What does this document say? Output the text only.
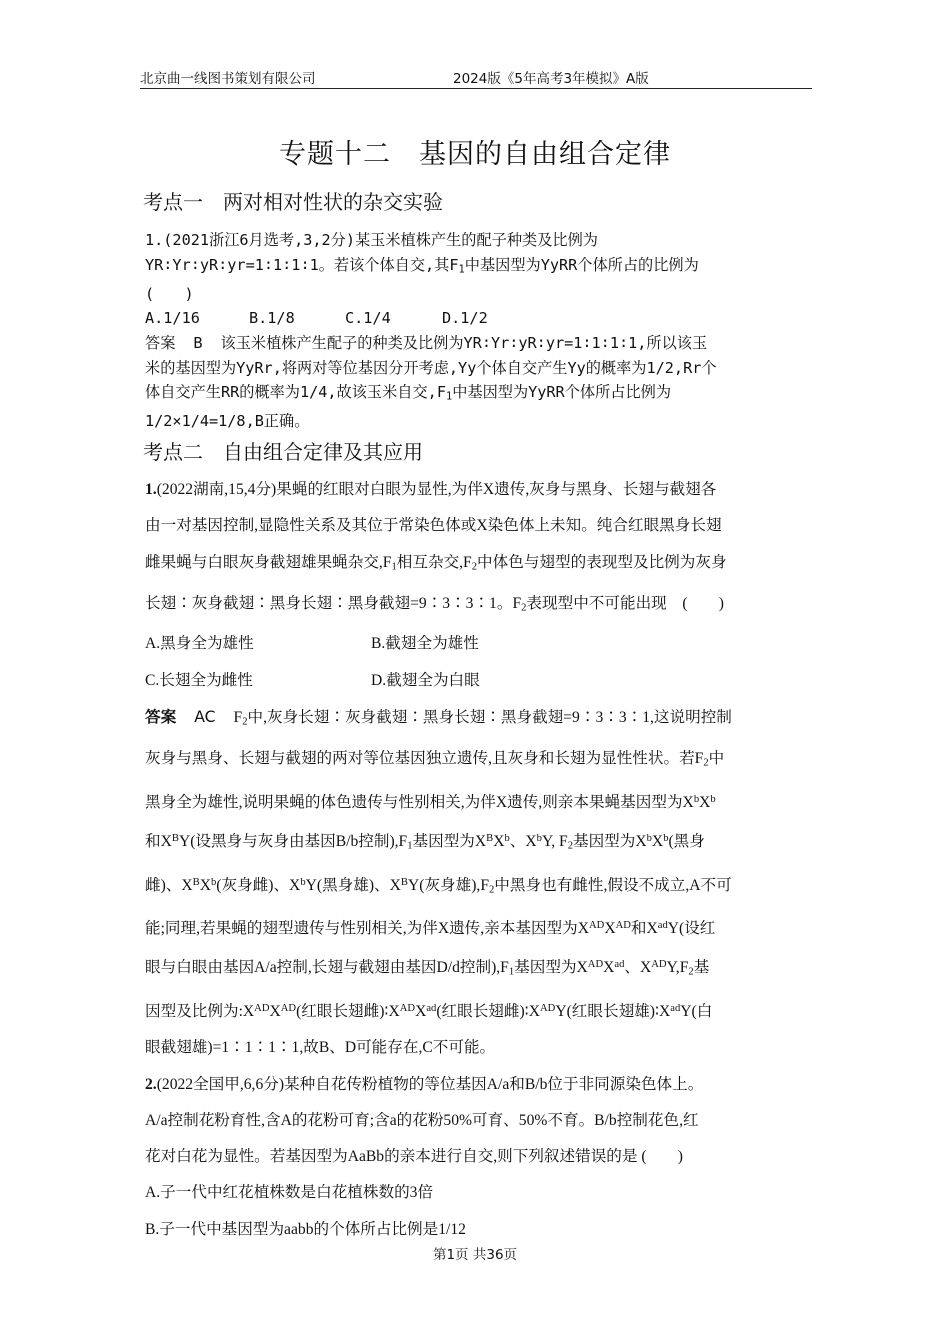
北京曲一线图书策划有限公司	2024版《5年高考3年模拟》A版
专题十二　基因的自由组合定律
考点一　两对相对性状的杂交实验

1.(2021浙江6月选考,3,2分)某玉米植株产生的配子种类及比例为

YR∶Yr∶yR∶yr=1∶1∶1∶1。若该个体自交,其$F_1$中基因型为YyRR个体所占的比例为

(　　)

A.1/16	B.1/8	C.1/4	D.1/2

答案 B 该玉米植株产生配子的种类及比例为YR∶Yr∶yR∶yr=1∶1∶1∶1,所以该玉

米的基因型为YyRr,将两对等位基因分开考虑,Yy个体自交产生Yy的概率为1/2,Rr个

体自交产生RR的概率为1/4,故该玉米自交$,F_1$中基因型为YyRR个体所占比例为

1/2×1/4=1/8,B正确。

考点二　自由组合定律及其应用

1.(2022湖南,15,4分)果蝇的红眼对白眼为显性,为伴X遗传,灰身与黑身、长翅与截翅各

由一对基因控制,显隐性关系及其位于常染色体或X染色体上未知。纯合红眼黑身长翅

雌果蝇与白眼灰身截翅雄果蝇杂交$,F_1$相互杂交$,F_2$中体色与翅型的表现型及比例为灰身

长翅∶灰身截翅∶黑身长翅∶黑身截翅=9∶3∶3∶1。$F_2$表现型中不可能出现　(　　)

A.黑身全为雄性	B.截翅全为雄性

C.长翅全为雌性	D.截翅全为白眼

答案 AC $F_2$中,灰身长翅∶灰身截翅∶黑身长翅∶黑身截翅=9∶3∶3∶1,这说明控制

灰身与黑身、长翅与截翅的两对等位基因独立遗传,且灰身和长翅为显性性状。若$F_2$中

黑身全为雄性,说明果蝇的体色遗传与性别相关,为伴X遗传,则亲本果蝇基因型为$X^bX^b$

和$X^BY$(设黑身与灰身由基因B/b控制)$,F_1$基因型为$X^BX^b$、$X^bY$, $F_2$基因型为$X^bX^b$(黑身

雌)、$X^BX^b$(灰身雌)、$X^bY$(黑身雄)、$X^BY$(灰身雄)$,F_2$中黑身也有雌性,假设不成立,A不可

能;同理,若果蝇的翅型遗传与性别相关,为伴X遗传,亲本基因型为$X^{AD}X^{AD}$和$X^{ad}Y$(设红

眼与白眼由基因A/a控制,长翅与截翅由基因D/d控制)$,F_1$基因型为$X^{AD}X^{ad}$、$X^{AD}Y,F_2$基

因型及比例为$:X^{AD}X^{AD}$(红眼长翅雌)$∶X^{AD}X^{ad}$(红眼长翅雌)$∶X^{AD}Y$(红眼长翅雄)$∶X^{ad}Y$(白

眼截翅雄)=1∶1∶1∶1,故B、D可能存在,C不可能。

2.(2022全国甲,6,6分)某种自花传粉植物的等位基因A/a和B/b位于非同源染色体上。

A/a控制花粉育性,含A的花粉可育;含a的花粉50%可育、50%不育。B/b控制花色,红

花对白花为显性。若基因型为AaBb的亲本进行自交,则下列叙述错误的是 (　　)

A.子一代中红花植株数是白花植株数的3倍

B.子一代中基因型为aabb的个体所占比例是1/12

第1页 共36页
